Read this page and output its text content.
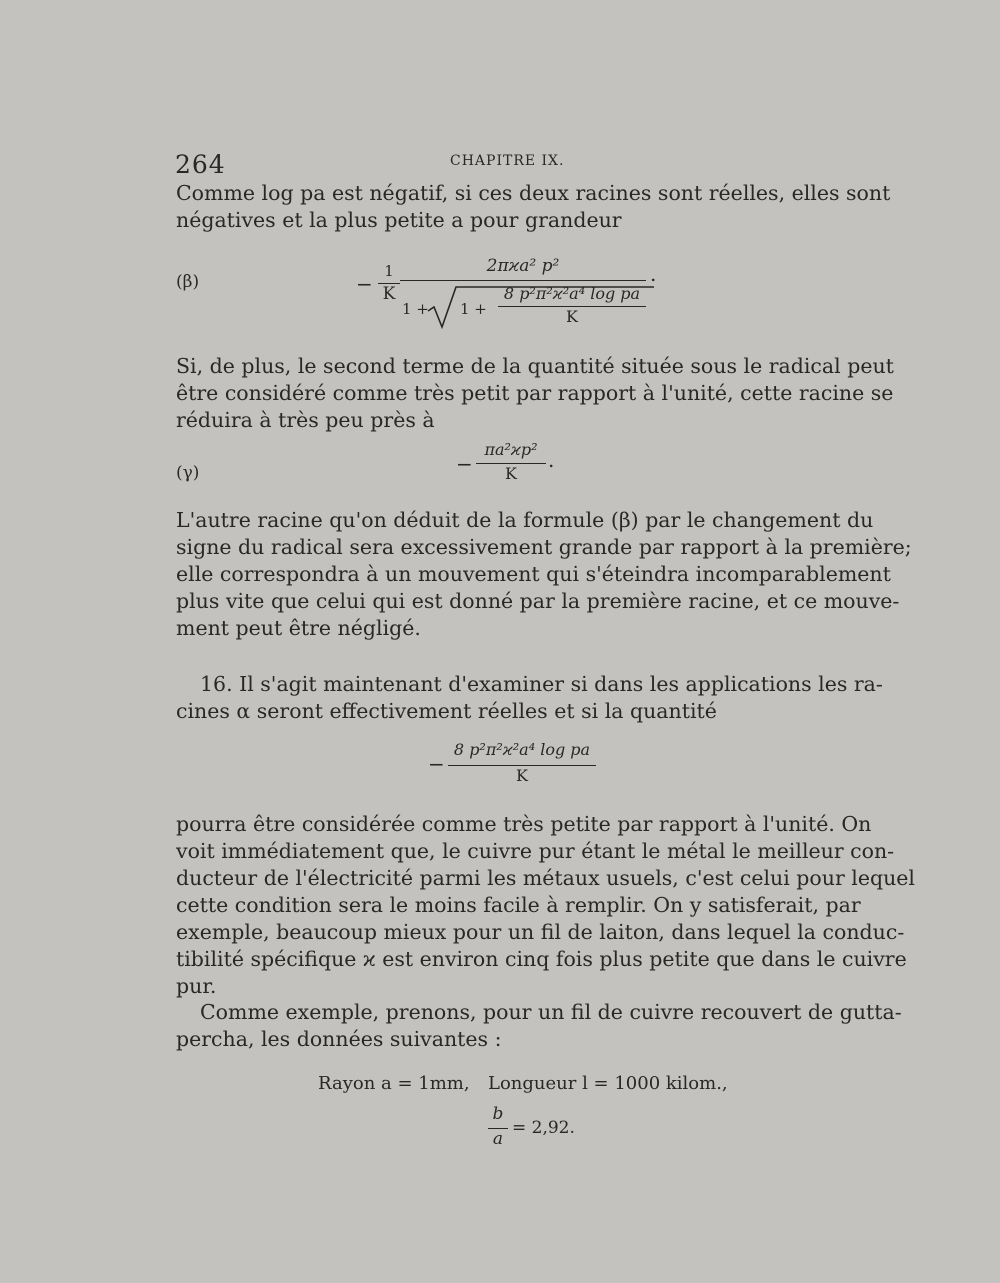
264	CHAPITRE IX.
Comme log pa est négatif, si ces deux racines sont réelles, elles sont
négatives et la plus petite a pour grandeur
(β)	−
1
K
2πϰa² p²	.
1 + 1 +
8 p²π²ϰ²a⁴ log pa
K
Si, de plus, le second terme de la quantité située sous le radical peut
être considéré comme très petit par rapport à l'unité, cette racine se
réduira à très peu près à
(γ)	−
πa²ϰp²
K
.
L'autre racine qu'on déduit de la formule (β) par le changement du
signe du radical sera excessivement grande par rapport à la première;
elle correspondra à un mouvement qui s'éteindra incomparablement
plus vite que celui qui est donné par la première racine, et ce mouve-
ment peut être négligé.
16. Il s'agit maintenant d'examiner si dans les applications les ra-
cines α seront effectivement réelles et si la quantité
−
8 p²π²ϰ²a⁴ log pa
K
pourra être considérée comme très petite par rapport à l'unité. On
voit immédiatement que, le cuivre pur étant le métal le meilleur con-
ducteur de l'électricité parmi les métaux usuels, c'est celui pour lequel
cette condition sera le moins facile à remplir. On y satisferait, par
exemple, beaucoup mieux pour un fil de laiton, dans lequel la conduc-
tibilité spécifique ϰ est environ cinq fois plus petite que dans le cuivre
pur.
Comme exemple, prenons, pour un fil de cuivre recouvert de gutta-
percha, les données suivantes :
Rayon a = 1mm, Longueur l = 1000 kilom.,
b
a
= 2,92.
